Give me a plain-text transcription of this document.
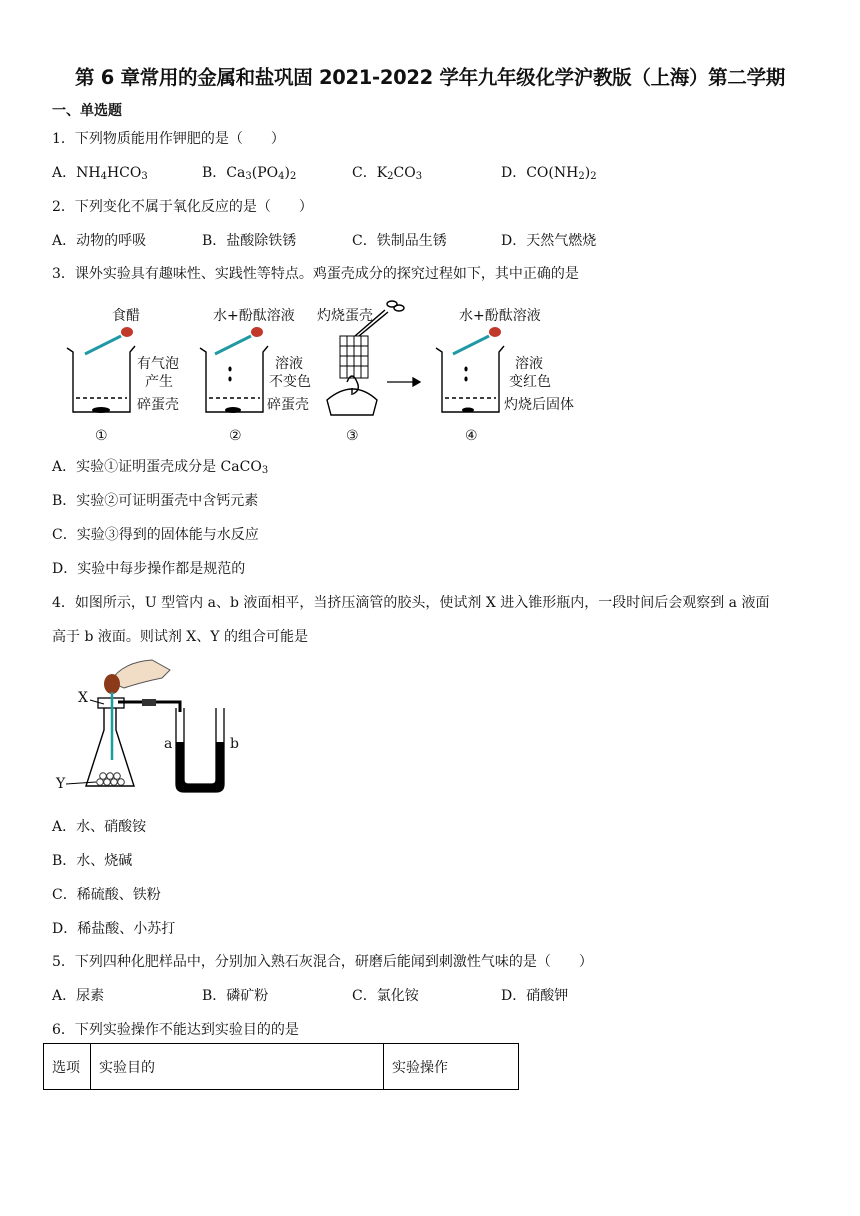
第 6 章常用的金属和盐巩固 2021-2022 学年九年级化学沪教版（上海）第二学期
一、单选题
1．下列物质能用作钾肥的是（　　）
A．$NH_4HCO_3$	B．$Ca_3(PO_4)_2$	C．$K_2CO_3$	D．$CO(NH_2)_2$
2．下列变化不属于氧化反应的是（　　）
A．动物的呼吸	B．盐酸除铁锈	C．铁制品生锈	D．天然气燃烧
3．课外实验具有趣味性、实践性等特点。鸡蛋壳成分的探究过程如下，其中正确的是
食醋
有气泡
产生
碎蛋壳
①
水+酚酞溶液
溶液
不变色
碎蛋壳
②
灼烧蛋壳
③
水+酚酞溶液
溶液
变红色
灼烧后固体
④
A．实验①证明蛋壳成分是 CaCO$_3$
B．实验②可证明蛋壳中含钙元素
C．实验③得到的固体能与水反应
D．实验中每步操作都是规范的
4．如图所示，U 型管内 a、b 液面相平，当挤压滴管的胶头，使试剂 X 进入锥形瓶内，一段时间后会观察到 a 液面
高于 b 液面。则试剂 X、Y 的组合可能是
X
Y
a	b
A．水、硝酸铵
B．水、烧碱
C．稀硫酸、铁粉
D．稀盐酸、小苏打
5．下列四种化肥样品中，分别加入熟石灰混合，研磨后能闻到刺激性气味的是（　　）
A．尿素	B．磷矿粉	C．氯化铵	D．硝酸钾
6．下列实验操作不能达到实验目的的是
选项	实验目的	实验操作
